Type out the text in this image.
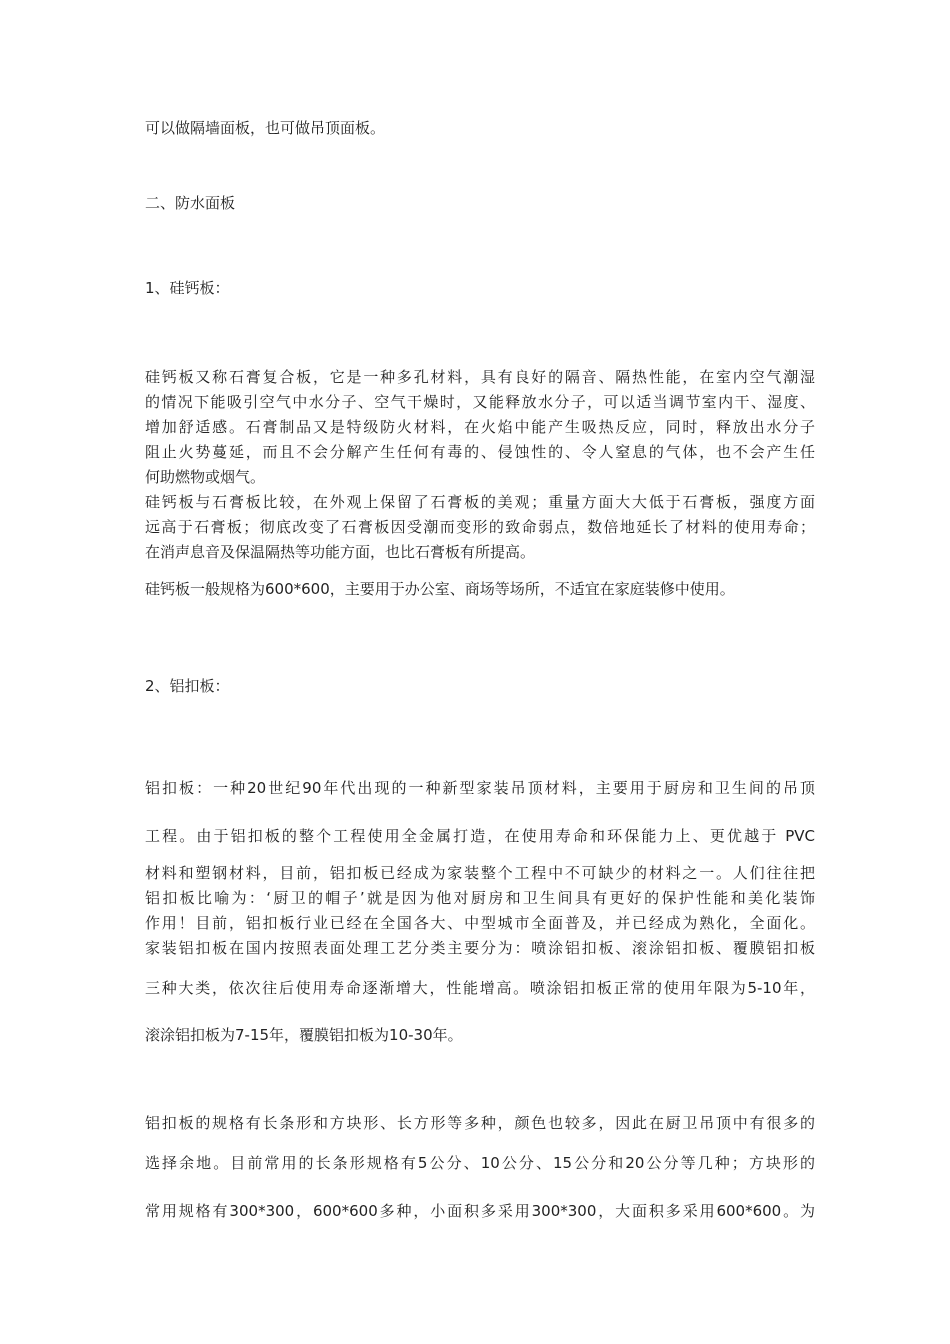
可以做隔墙面板，也可做吊顶面板。
二、防水面板
1、硅钙板：
硅钙板又称石膏复合板，它是一种多孔材料，具有良好的隔音、隔热性能，在室内空气潮湿
的情况下能吸引空气中水分子、空气干燥时，又能释放水分子，可以适当调节室内干、湿度、
增加舒适感。石膏制品又是特级防火材料，在火焰中能产生吸热反应，同时，释放出水分子
阻止火势蔓延，而且不会分解产生任何有毒的、侵蚀性的、令人窒息的气体，也不会产生任
何助燃物或烟气。
硅钙板与石膏板比较，在外观上保留了石膏板的美观；重量方面大大低于石膏板，强度方面
远高于石膏板；彻底改变了石膏板因受潮而变形的致命弱点，数倍地延长了材料的使用寿命；
在消声息音及保温隔热等功能方面，也比石膏板有所提高。
硅钙板一般规格为600*600，主要用于办公室、商场等场所，不适宜在家庭装修中使用。
2、铝扣板：
铝扣板：一种20世纪90年代出现的一种新型家装吊顶材料，主要用于厨房和卫生间的吊顶
工程。由于铝扣板的整个工程使用全金属打造，在使用寿命和环保能力上、更优越于 PVC
材料和塑钢材料，目前，铝扣板已经成为家装整个工程中不可缺少的材料之一。人们往往把
铝扣板比喻为：‘厨卫的帽子’就是因为他对厨房和卫生间具有更好的保护性能和美化装饰
作用！目前，铝扣板行业已经在全国各大、中型城市全面普及，并已经成为熟化，全面化。
家装铝扣板在国内按照表面处理工艺分类主要分为：喷涂铝扣板、滚涂铝扣板、覆膜铝扣板
三种大类，依次往后使用寿命逐渐增大，性能增高。喷涂铝扣板正常的使用年限为5-10年，
滚涂铝扣板为7-15年，覆膜铝扣板为10-30年。
铝扣板的规格有长条形和方块形、长方形等多种，颜色也较多，因此在厨卫吊顶中有很多的
选择余地。目前常用的长条形规格有5公分、10公分、15公分和20公分等几种；方块形的
常用规格有300*300，600*600多种，小面积多采用300*300，大面积多采用600*600。为
